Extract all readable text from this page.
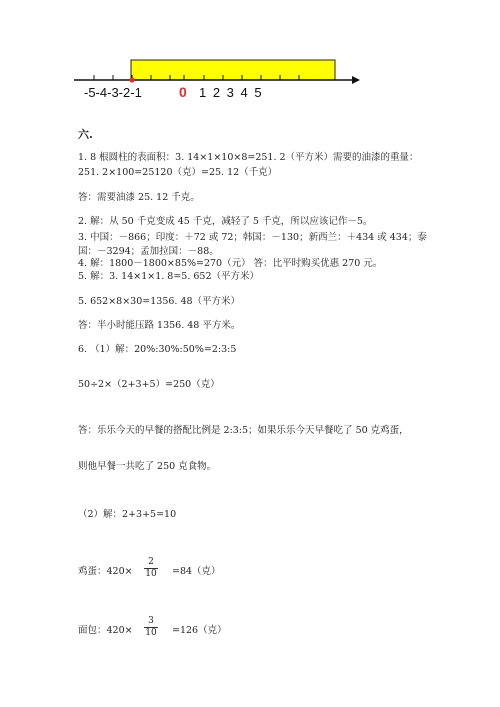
-5-4-3-2-1	0 1 2 3 4 5
六.
1. 8 根圆柱的表面积：3. 14×1×10×8=251. 2（平方米）需要的油漆的重量：
251. 2×100=25120（克）=25. 12（千克）
答：需要油漆 25. 12 千克。
2. 解：从 50 千克变成 45 千克，减轻了 5 千克，所以应该记作－5。
3. 中国：－866；印度：＋72 或 72；韩国：－130；新西兰：＋434 或 434；泰
国：－3294；孟加拉国：－88。
4. 解：1800－1800×85%=270（元） 答：比平时购买优惠 270 元。
5. 解：3. 14×1×1. 8=5. 652（平方米）
5. 652×8×30=1356. 48（平方米）
答：半小时能压路 1356. 48 平方米。
6. （1）解：20%:30%:50%=2:3:5
50÷2×（2+3+5）=250（克）
答：乐乐今天的早餐的搭配比例是 2:3:5；如果乐乐今天早餐吃了 50 克鸡蛋，
则他早餐一共吃了 250 克食物。
（2）解：2+3+5=10
鸡蛋：$420\times \frac{2}{10} =84$（克）
面包：$420\times \frac{3}{10} =126$（克）
